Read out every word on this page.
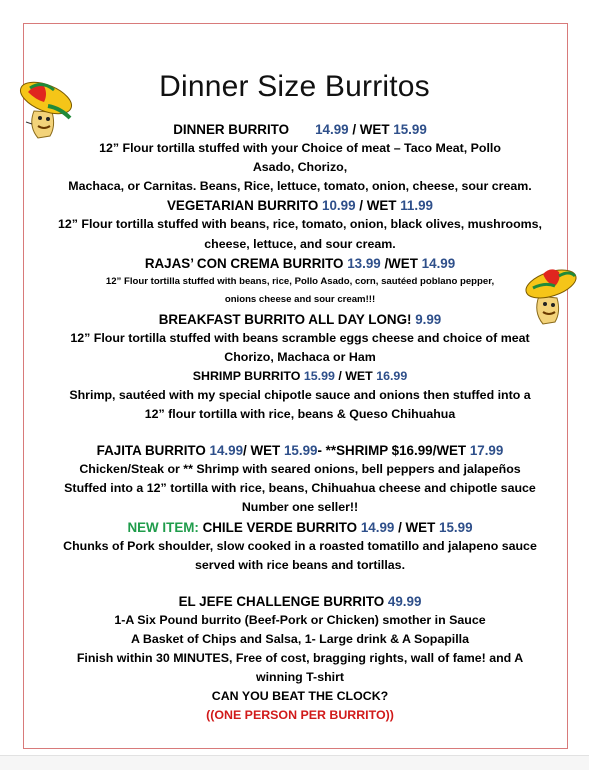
Dinner Size Burritos
DINNER BURRITO 14.99 / WET 15.99
12” Flour tortilla stuffed with your Choice of meat – Taco Meat, Pollo Asado, Chorizo,
Machaca, or Carnitas. Beans, Rice, lettuce, tomato, onion, cheese, sour cream.
VEGETARIAN BURRITO 10.99 / WET 11.99
12” Flour tortilla stuffed with beans, rice, tomato, onion, black olives, mushrooms,
cheese, lettuce, and sour cream.
RAJAS’ CON CREMA BURRITO 13.99 /WET 14.99
12” Flour tortilla stuffed with beans, rice, Pollo Asado, corn, sautéed poblano pepper,
onions cheese and sour cream!!!
BREAKFAST BURRITO ALL DAY LONG! 9.99
12” Flour tortilla stuffed with beans scramble eggs cheese and choice of meat
Chorizo, Machaca or Ham
SHRIMP BURRITO 15.99 / WET 16.99
Shrimp, sautéed with my special chipotle sauce and onions then stuffed into a
12” flour tortilla with rice, beans & Queso Chihuahua
FAJITA BURRITO 14.99/ WET 15.99- **SHRIMP $16.99/WET 17.99
Chicken/Steak or ** Shrimp with seared onions, bell peppers and jalapeños
Stuffed into a 12” tortilla with rice, beans, Chihuahua cheese and chipotle sauce
Number one seller!!
NEW ITEM: CHILE VERDE BURRITO 14.99 / WET 15.99
Chunks of Pork shoulder, slow cooked in a roasted tomatillo and jalapeno sauce
served with rice beans and tortillas.
EL JEFE CHALLENGE BURRITO 49.99
1-A Six Pound burrito (Beef-Pork or Chicken) smother in Sauce
A Basket of Chips and Salsa, 1- Large drink & A Sopapilla
Finish within 30 MINUTES, Free of cost, bragging rights, wall of fame! and A winning T-shirt
CAN YOU BEAT THE CLOCK?
((ONE PERSON PER BURRITO))
